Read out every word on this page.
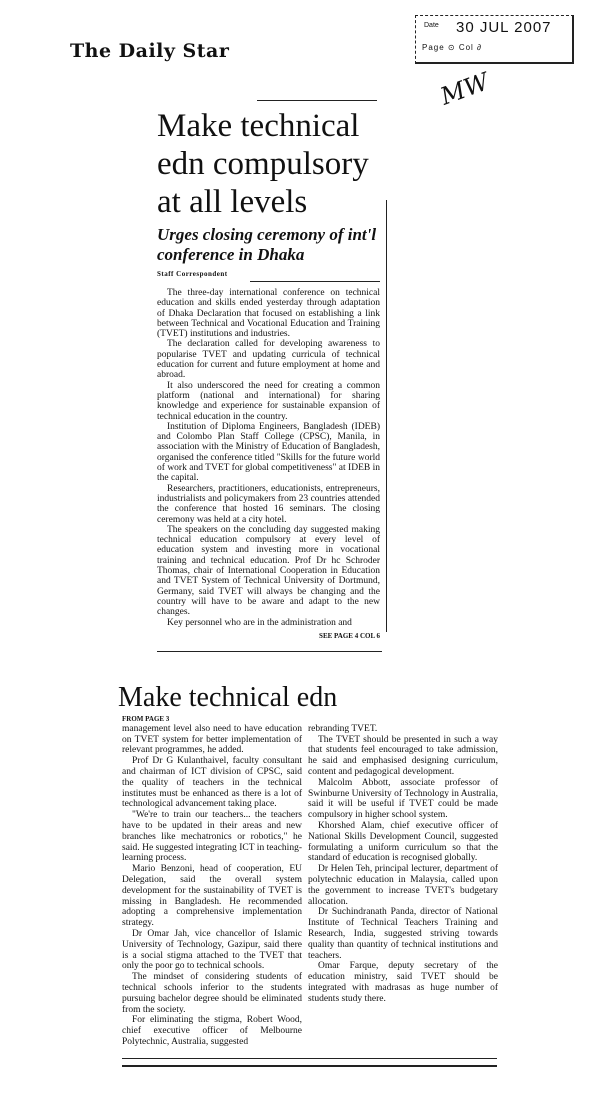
The Daily Star
Date 30 JUL 2007
Page ⊙ Col ∂
MW
Make technical edn compulsory at all levels
Urges closing ceremony of int'l conference in Dhaka
Staff Correspondent

The three-day international conference on technical education and skills ended yesterday through adaptation of Dhaka Declaration that focused on establishing a link between Technical and Vocational Education and Training (TVET) institutions and industries.

The declaration called for developing awareness to popularise TVET and updating curricula of technical education for current and future employment at home and abroad.

It also underscored the need for creating a common platform (national and international) for sharing knowledge and experience for sustainable expansion of technical education in the country.

Institution of Diploma Engineers, Bangladesh (IDEB) and Colombo Plan Staff College (CPSC), Manila, in association with the Ministry of Education of Bangladesh, organised the conference titled "Skills for the future world of work and TVET for global competitiveness" at IDEB in the capital.

Researchers, practitioners, educationists, entrepreneurs, industrialists and policymakers from 23 countries attended the conference that hosted 16 seminars. The closing ceremony was held at a city hotel.

The speakers on the concluding day suggested making technical education compulsory at every level of education system and investing more in vocational training and technical education. Prof Dr hc Schroder Thomas, chair of International Cooperation in Education and TVET System of Technical University of Dortmund, Germany, said TVET will always be changing and the country will have to be aware and adapt to the new changes.

Key personnel who are in the administration and

SEE PAGE 4 COL 6
Make technical edn
FROM PAGE 3

management level also need to have education on TVET system for better implementation of relevant programmes, he added.

Prof Dr G Kulanthaivel, faculty consultant and chairman of ICT division of CPSC, said the quality of teachers in the technical institutes must be enhanced as there is a lot of technological advancement taking place.

"We're to train our teachers... the teachers have to be updated in their areas and new branches like mechatronics or robotics," he said. He suggested integrating ICT in teaching-learning process.

Mario Benzoni, head of cooperation, EU Delegation, said the overall system development for the sustainability of TVET is missing in Bangladesh. He recommended adopting a comprehensive implementation strategy.

Dr Omar Jah, vice chancellor of Islamic University of Technology, Gazipur, said there is a social stigma attached to the TVET that only the poor go to technical schools.

The mindset of considering students of technical schools inferior to the students pursuing bachelor degree should be eliminated from the society.

For eliminating the stigma, Robert Wood, chief executive officer of Melbourne Polytechnic, Australia, suggested

rebranding TVET.

The TVET should be presented in such a way that students feel encouraged to take admission, he said and emphasised designing curriculum, content and pedagogical development.

Malcolm Abbott, associate professor of Swinburne University of Technology in Australia, said it will be useful if TVET could be made compulsory in higher school system.

Khorshed Alam, chief executive officer of National Skills Development Council, suggested formulating a uniform curriculum so that the standard of education is recognised globally.

Dr Helen Teh, principal lecturer, department of polytechnic education in Malaysia, called upon the government to increase TVET's budgetary allocation.

Dr Suchindranath Panda, director of National Institute of Technical Teachers Training and Research, India, suggested striving towards quality than quantity of technical institutions and teachers.

Omar Farque, deputy secretary of the education ministry, said TVET should be integrated with madrasas as huge number of students study there.
